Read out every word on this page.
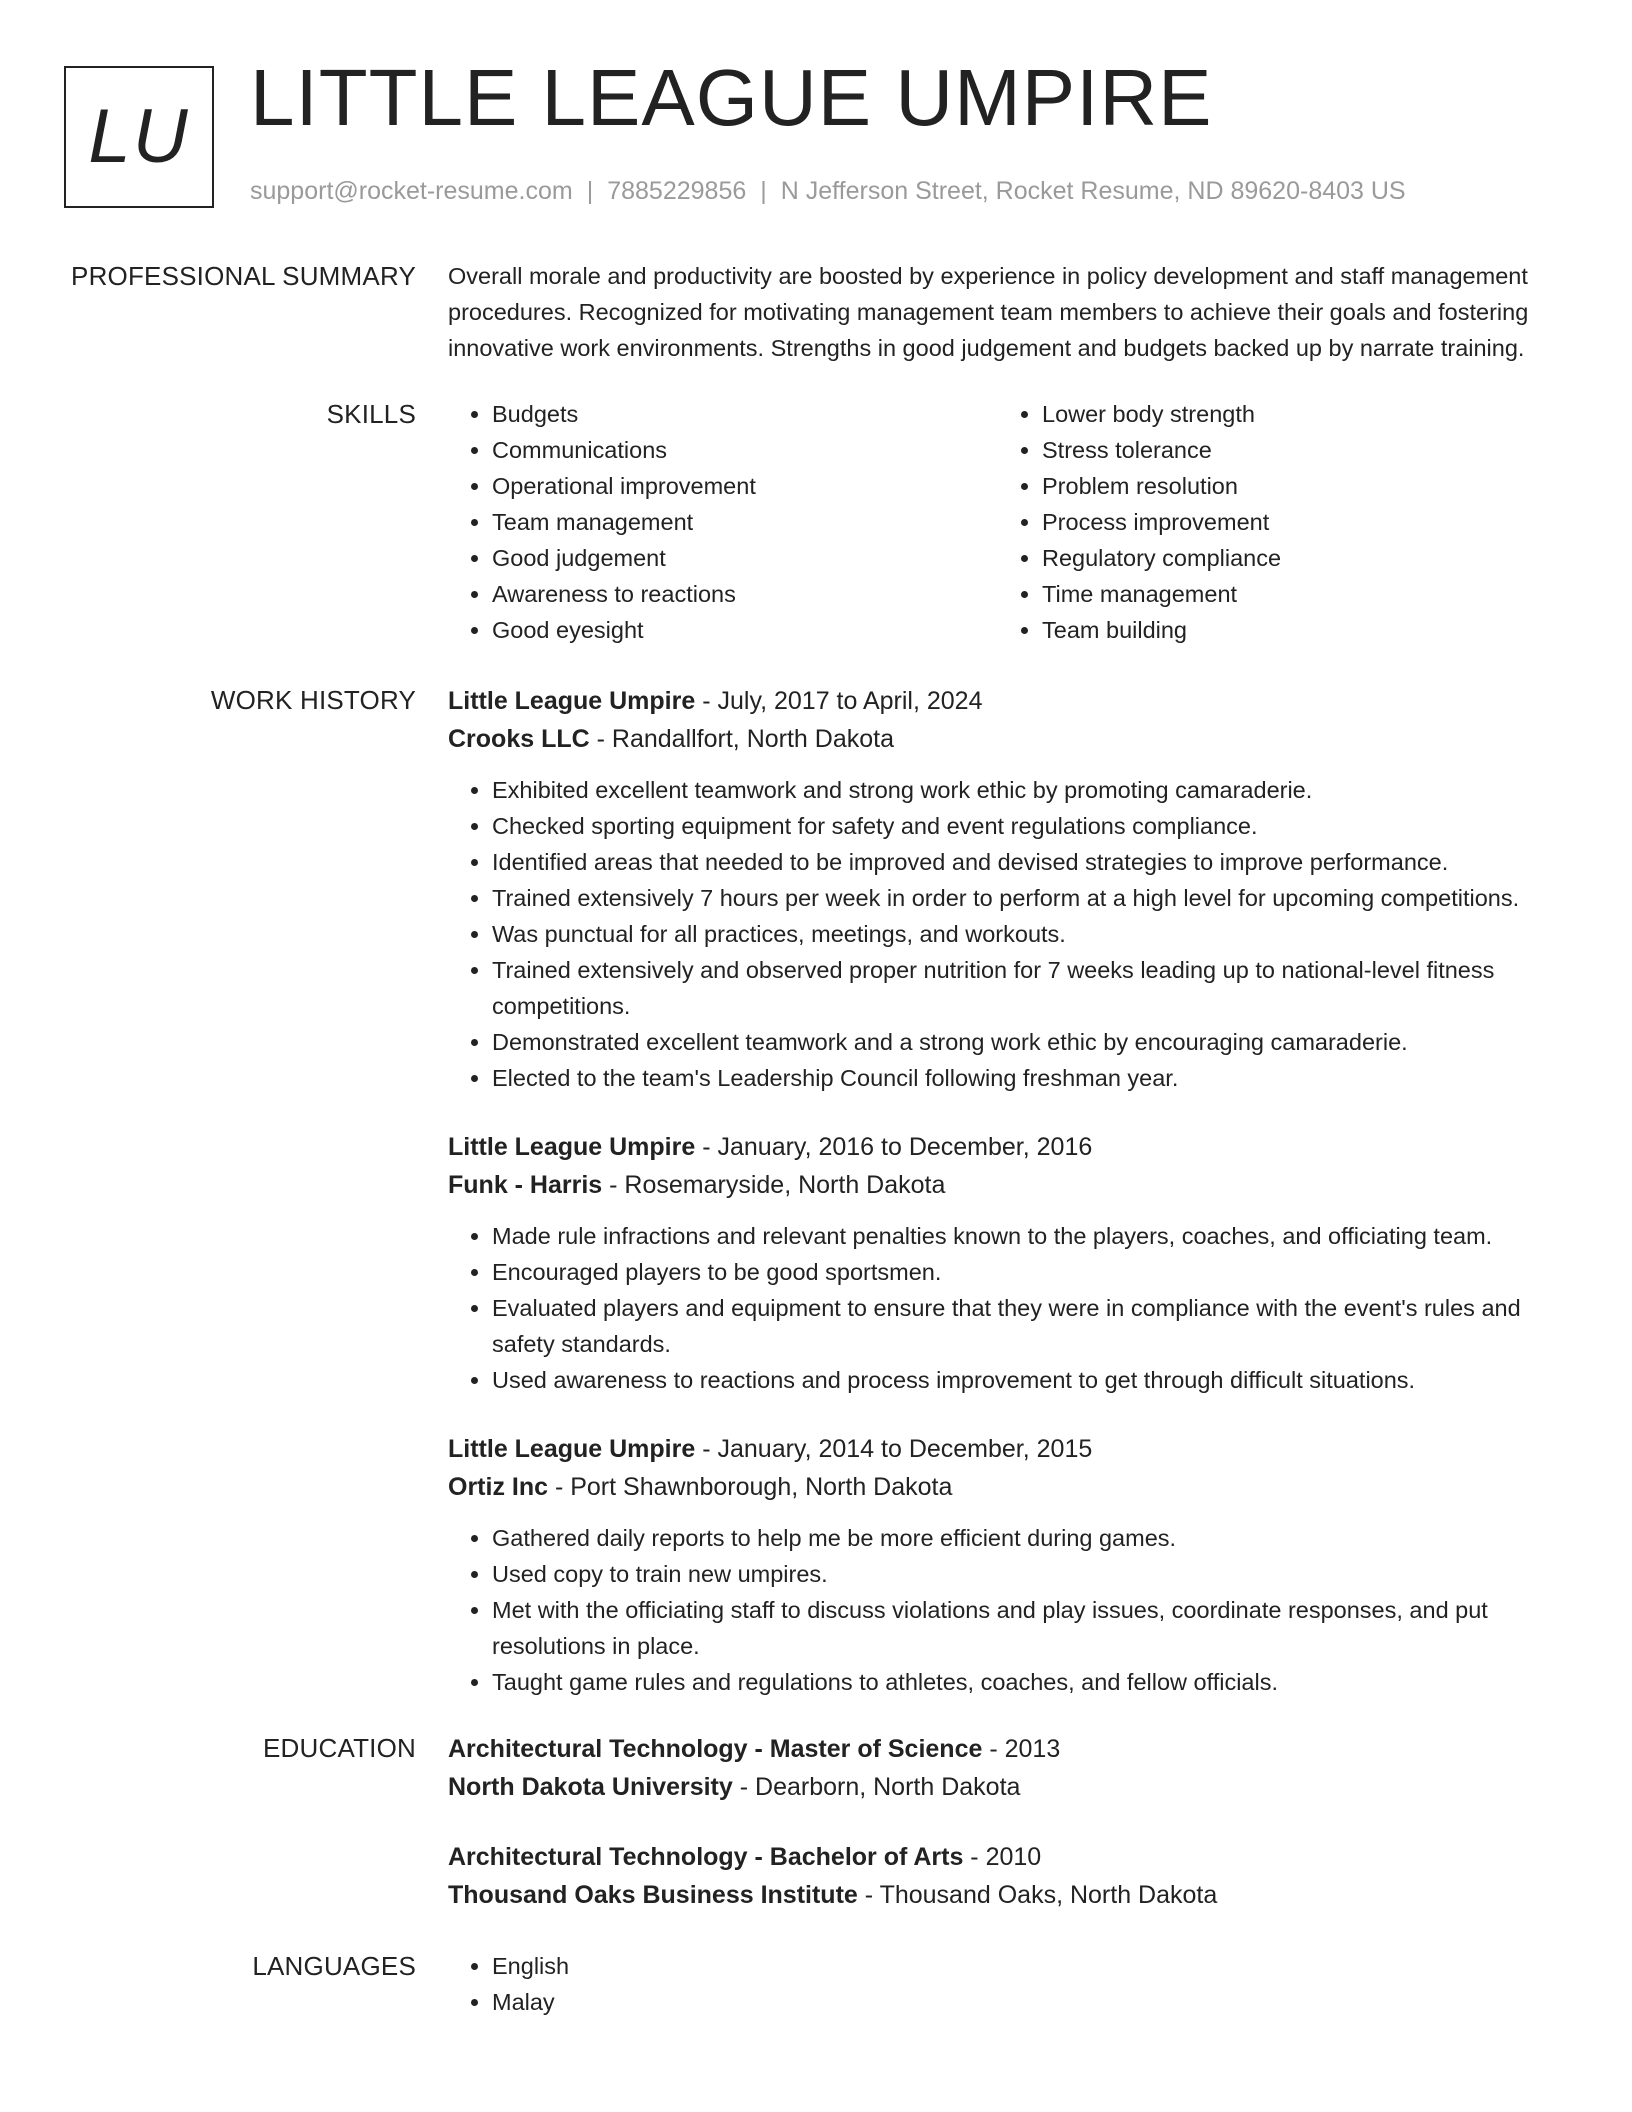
LU LITTLE LEAGUE UMPIRE
support@rocket-resume.com | 7885229856 | N Jefferson Street, Rocket Resume, ND 89620-8403 US
PROFESSIONAL SUMMARY Overall morale and productivity are boosted by experience in policy development and staff management procedures. Recognized for motivating management team members to achieve their goals and fostering innovative work environments. Strengths in good judgement and budgets backed up by narrate training.

SKILLS	• Budgets
• Communications
• Operational improvement
• Team management
• Good judgement
• Awareness to reactions
• Good eyesight
• Lower body strength
• Stress tolerance
• Problem resolution
• Process improvement
• Regulatory compliance
• Time management
• Team building
WORK HISTORY Little League Umpire - July, 2017 to April, 2024
Crooks LLC - Randallfort, North Dakota
• Exhibited excellent teamwork and strong work ethic by promoting camaraderie.
• Checked sporting equipment for safety and event regulations compliance.
• Identified areas that needed to be improved and devised strategies to improve performance.
• Trained extensively 7 hours per week in order to perform at a high level for upcoming competitions.
• Was punctual for all practices, meetings, and workouts.
• Trained extensively and observed proper nutrition for 7 weeks leading up to national-level fitness competitions.
• Demonstrated excellent teamwork and a strong work ethic by encouraging camaraderie.
• Elected to the team's Leadership Council following freshman year.
Little League Umpire - January, 2016 to December, 2016
Funk - Harris - Rosemaryside, North Dakota
• Made rule infractions and relevant penalties known to the players, coaches, and officiating team.
• Encouraged players to be good sportsmen.
• Evaluated players and equipment to ensure that they were in compliance with the event's rules and safety standards.
• Used awareness to reactions and process improvement to get through difficult situations.
Little League Umpire - January, 2014 to December, 2015
Ortiz Inc - Port Shawnborough, North Dakota
• Gathered daily reports to help me be more efficient during games.
• Used copy to train new umpires.
• Met with the officiating staff to discuss violations and play issues, coordinate responses, and put resolutions in place.
• Taught game rules and regulations to athletes, coaches, and fellow officials.
EDUCATION Architectural Technology - Master of Science - 2013
North Dakota University - Dearborn, North Dakota
Architectural Technology - Bachelor of Arts - 2010
Thousand Oaks Business Institute - Thousand Oaks, North Dakota
LANGUAGES	• English
• Malay
